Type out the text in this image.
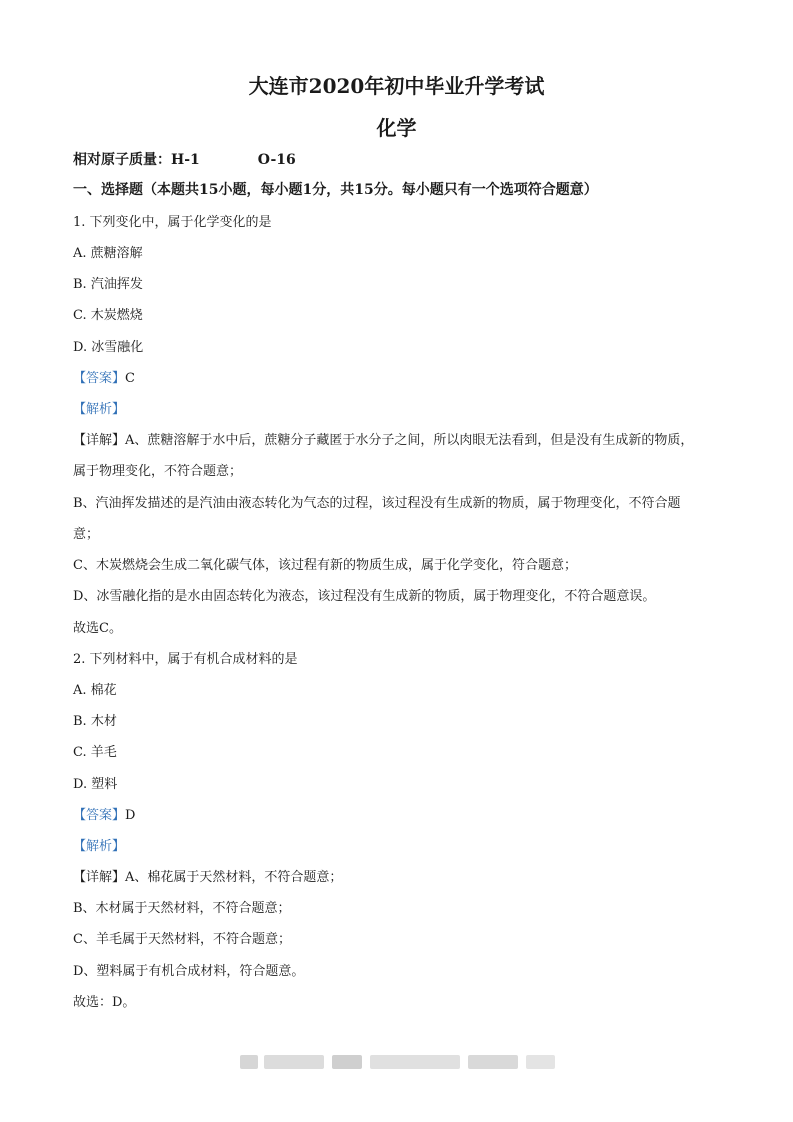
大连市2020年初中毕业升学考试
化学
相对原子质量：H-1	O-16
一、选择题（本题共15小题，每小题1分，共15分。每小题只有一个选项符合题意）
1. 下列变化中，属于化学变化的是
A. 蔗糖溶解
B. 汽油挥发
C. 木炭燃烧
D. 冰雪融化
【答案】C
【解析】
【详解】A、蔗糖溶解于水中后，蔗糖分子藏匿于水分子之间，所以肉眼无法看到，但是没有生成新的物质，
属于物理变化，不符合题意；
B、汽油挥发描述的是汽油由液态转化为气态的过程，该过程没有生成新的物质，属于物理变化，不符合题
意；
C、木炭燃烧会生成二氧化碳气体，该过程有新的物质生成，属于化学变化，符合题意；
D、冰雪融化指的是水由固态转化为液态，该过程没有生成新的物质，属于物理变化，不符合题意误。
故选C。
2. 下列材料中，属于有机合成材料的是
A. 棉花
B. 木材
C. 羊毛
D. 塑料
【答案】D
【解析】
【详解】A、棉花属于天然材料，不符合题意；
B、木材属于天然材料，不符合题意；
C、羊毛属于天然材料，不符合题意；
D、塑料属于有机合成材料，符合题意。
故选：D。
